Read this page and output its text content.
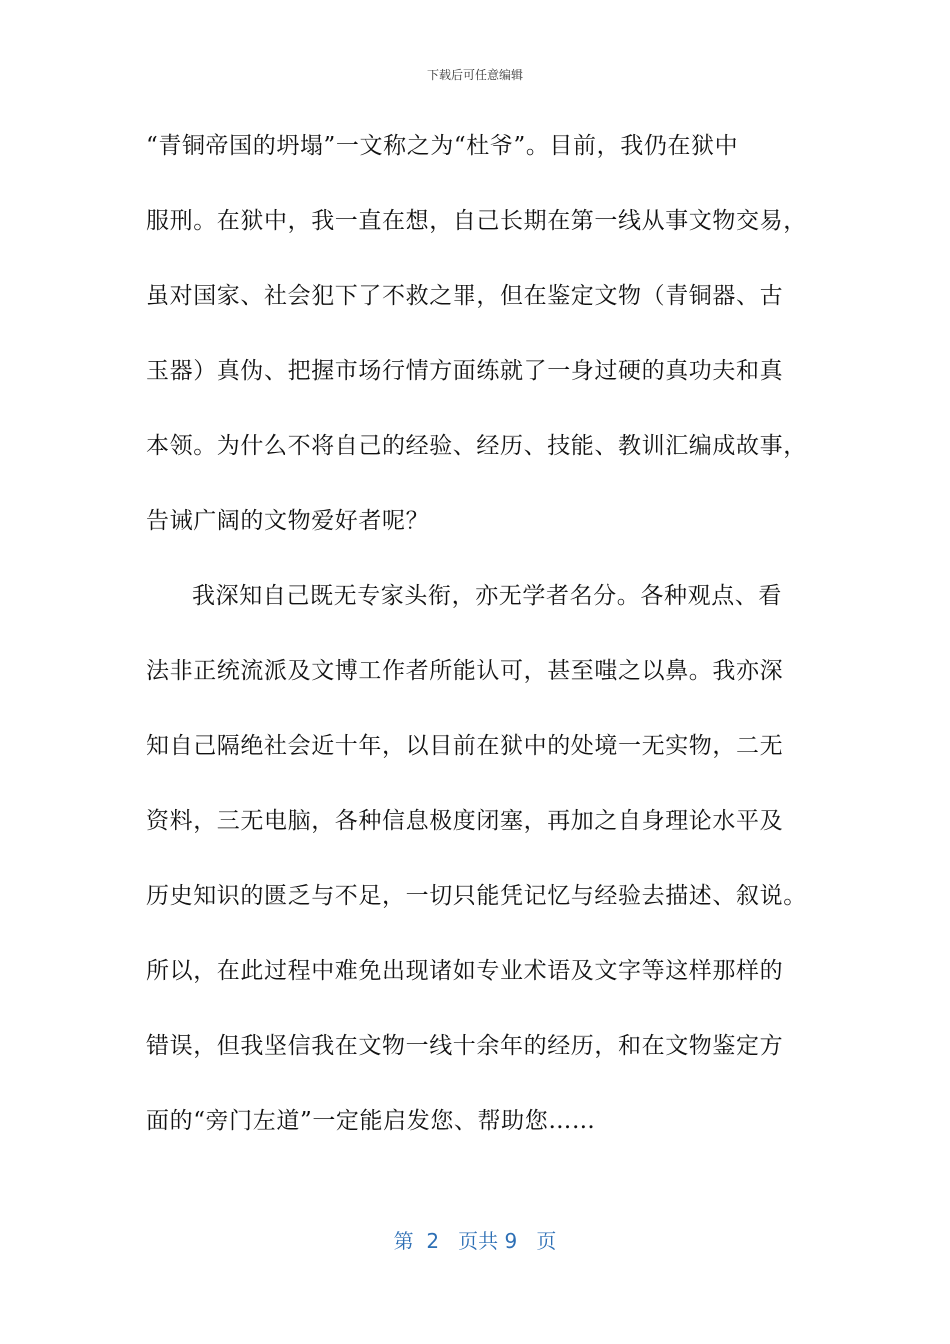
下载后可任意编辑
“青铜帝国的坍塌”一文称之为“杜爷”。目前，我仍在狱中
服刑。在狱中，我一直在想，自己长期在第一线从事文物交易，
虽对国家、社会犯下了不救之罪，但在鉴定文物（青铜器、古
玉器）真伪、把握市场行情方面练就了一身过硬的真功夫和真
本领。为什么不将自己的经验、经历、技能、教训汇编成故事，
告诫广阔的文物爱好者呢？
我深知自己既无专家头衔，亦无学者名分。各种观点、看
法非正统流派及文博工作者所能认可，甚至嗤之以鼻。我亦深
知自己隔绝社会近十年，以目前在狱中的处境一无实物，二无
资料，三无电脑，各种信息极度闭塞，再加之自身理论水平及
历史知识的匮乏与不足，一切只能凭记忆与经验去描述、叙说。
所以，在此过程中难免出现诸如专业术语及文字等这样那样的
错误，但我坚信我在文物一线十余年的经历，和在文物鉴定方
面的“旁门左道”一定能启发您、帮助您……
第 2 页共 9 页
